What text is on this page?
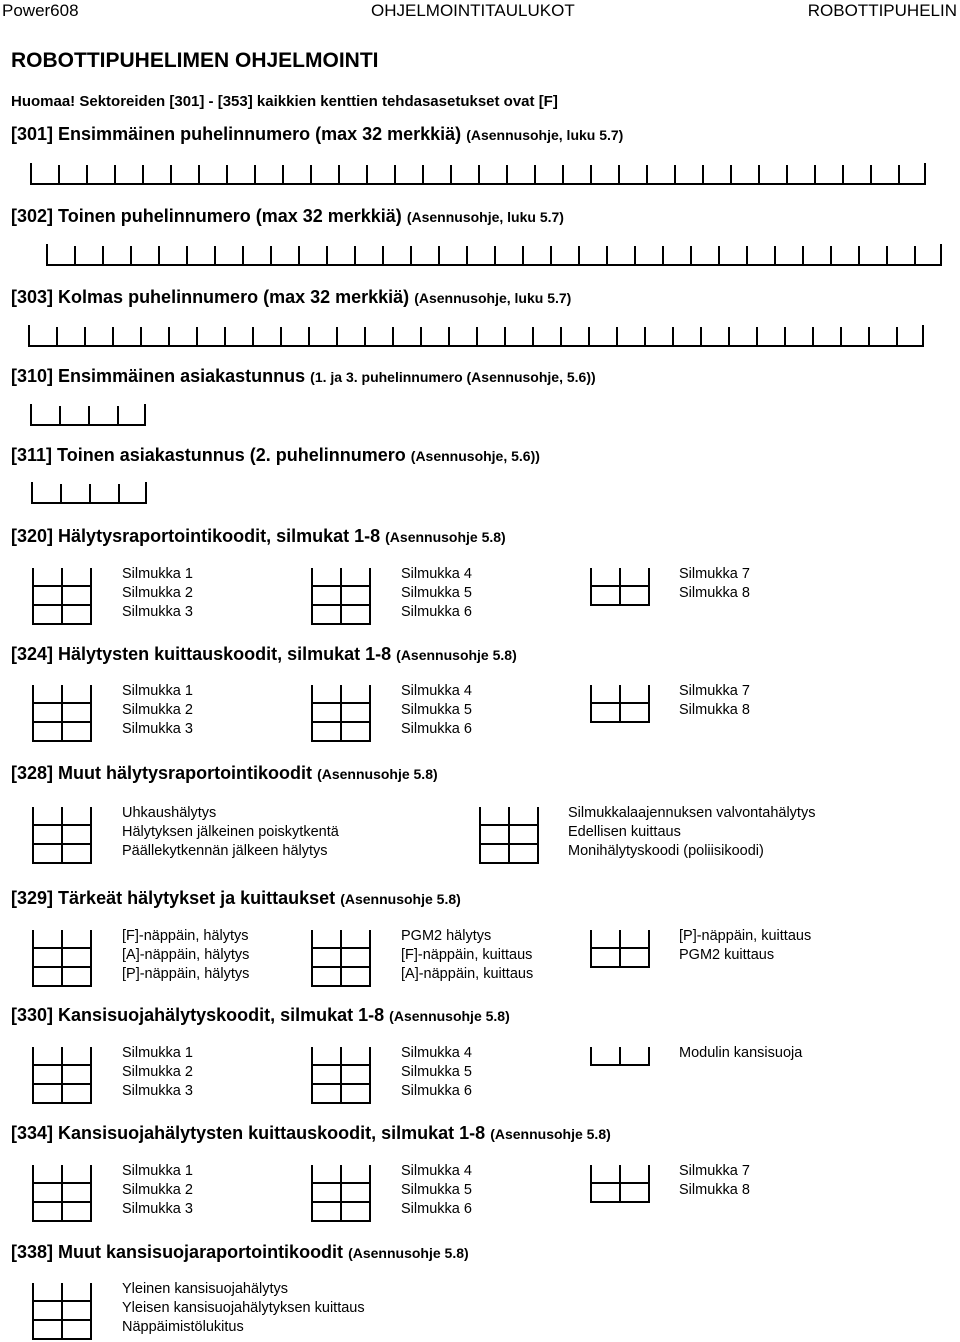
Power608	OHJELMOINTITAULUKOT	ROBOTTIPUHELIN
ROBOTTIPUHELIMEN OHJELMOINTI
Huomaa! Sektoreiden [301] - [353] kaikkien kenttien tehdasasetukset ovat [F]
[301] Ensimmäinen puhelinnumero (max 32 merkkiä) (Asennusohje, luku 5.7)
[302] Toinen puhelinnumero (max 32 merkkiä) (Asennusohje, luku 5.7)
[303] Kolmas puhelinnumero (max 32 merkkiä) (Asennusohje, luku 5.7)
[310] Ensimmäinen asiakastunnus (1. ja 3. puhelinnumero (Asennusohje, 5.6))
[311] Toinen asiakastunnus (2. puhelinnumero (Asennusohje, 5.6))
[320] Hälytysraportointikoodit, silmukat 1-8 (Asennusohje 5.8)
Silmukka 1
Silmukka 2
Silmukka 3
Silmukka 4
Silmukka 5
Silmukka 6
Silmukka 7
Silmukka 8
[324] Hälytysten kuittauskoodit, silmukat 1-8 (Asennusohje 5.8)
Silmukka 1
Silmukka 2
Silmukka 3
Silmukka 4
Silmukka 5
Silmukka 6
Silmukka 7
Silmukka 8
[328] Muut hälytysraportointikoodit (Asennusohje 5.8)
Uhkaushälytys
Hälytyksen jälkeinen poiskytkentä
Päällekytkennän jälkeen hälytys
Silmukkalaajennuksen valvontahälytys
Edellisen kuittaus
Monihälytyskoodi (poliisikoodi)
[329] Tärkeät hälytykset ja kuittaukset (Asennusohje 5.8)
[F]-näppäin, hälytys
[A]-näppäin, hälytys
[P]-näppäin, hälytys
PGM2 hälytys
[F]-näppäin, kuittaus
[A]-näppäin, kuittaus
[P]-näppäin, kuittaus
PGM2 kuittaus
[330] Kansisuojahälytyskoodit, silmukat 1-8 (Asennusohje 5.8)
Silmukka 1
Silmukka 2
Silmukka 3
Silmukka 4
Silmukka 5
Silmukka 6
Modulin kansisuoja
[334] Kansisuojahälytysten kuittauskoodit, silmukat 1-8 (Asennusohje 5.8)
Silmukka 1
Silmukka 2
Silmukka 3
Silmukka 4
Silmukka 5
Silmukka 6
Silmukka 7
Silmukka 8
[338] Muut kansisuojaraportointikoodit (Asennusohje 5.8)
Yleinen kansisuojahälytys
Yleisen kansisuojahälytyksen kuittaus
Näppäimistölukitus
